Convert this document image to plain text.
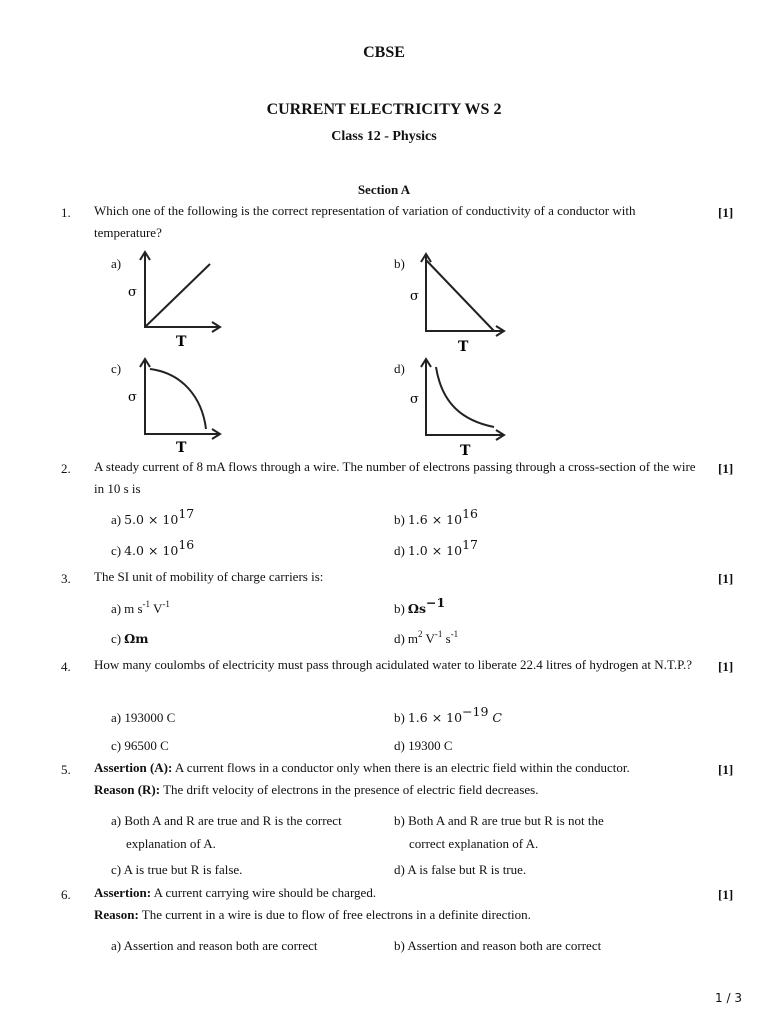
CBSE
CURRENT ELECTRICITY WS 2
Class 12 - Physics
Section A
1. Which one of the following is the correct representation of variation of conductivity of a conductor with temperature?
[1]
a)	b)
c)	d)
σ
T
σ
T
σ
T
σ
T
2. A steady current of 8 mA flows through a wire. The number of electrons passing through a cross-section of the wire in 10 s is
[1]
a) $5.0 \times 10^{17}$	b) $1.6 \times 10^{16}$
c) $4.0 \times 10^{16}$	d) $1.0 \times 10^{17}$
3. The SI unit of mobility of charge carriers is:	[1]
a) m $s^{-1}$ $V^{-1}$	b) $\Omega s^{-1}$
c) Ωm	d) $m^2$ $V^{-1}$ $s^{-1}$
4. How many coulombs of electricity must pass through acidulated water to liberate 22.4 litres of hydrogen at N.T.P.?	[1]
a) 193000 C	b) $1.6 \times 10^{-19}$ C
c) 96500 C	d) 19300 C
5. Assertion (A): A current flows in a conductor only when there is an electric field within the conductor.
Reason (R): The drift velocity of electrons in the presence of electric field decreases.
[1]
a) Both A and R are true and R is the correct
explanation of A.
b) Both A and R are true but R is not the
correct explanation of A.
c) A is true but R is false.	d) A is false but R is true.
6. Assertion: A current carrying wire should be charged.
Reason: The current in a wire is due to flow of free electrons in a definite direction.
[1]
a) Assertion and reason both are correct	b) Assertion and reason both are correct
1 / 3
